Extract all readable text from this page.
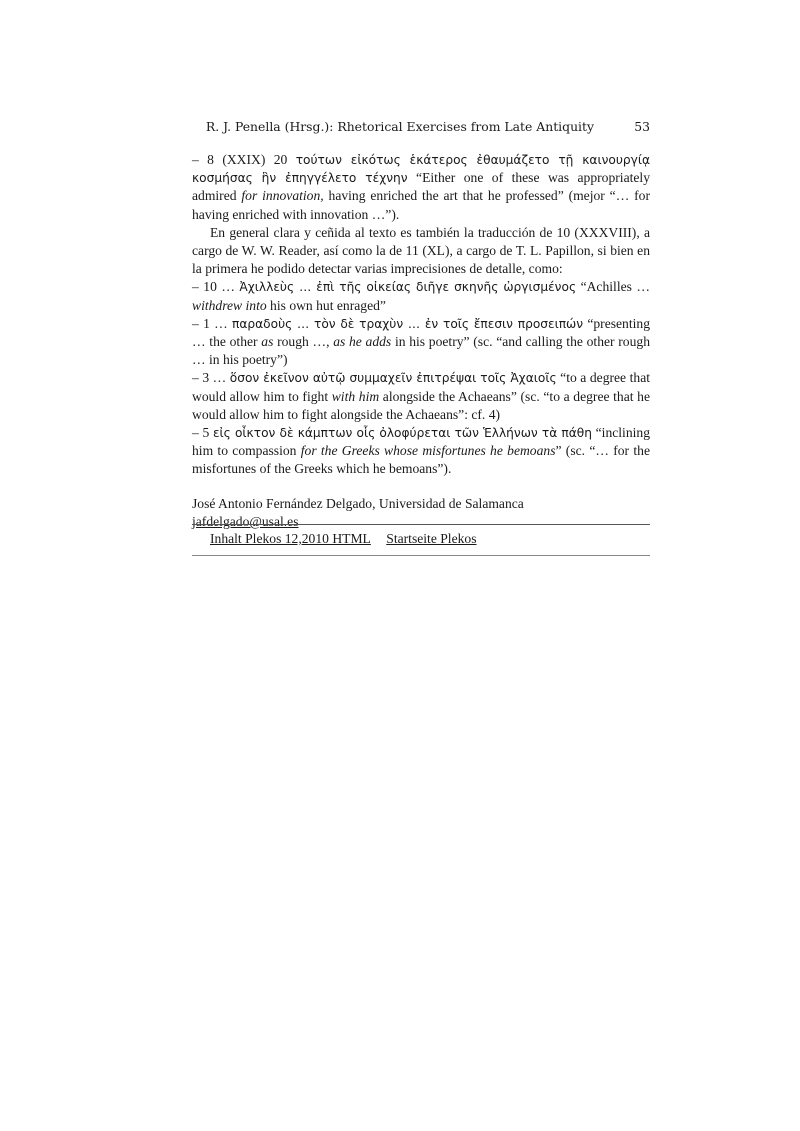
R. J. Penella (Hrsg.): Rhetorical Exercises from Late Antiquity	53

– 8 (XXIX) 20 τούτων εἰκότως ἑκάτερος ἐθαυμάζετο τῇ καινουργίᾳ κοσμήσας ἣν ἐπηγγέλετο τέχνην “Either one of these was appropriately admired for innovation, having enriched the art that he professed” (mejor “… for having enriched with innovation …”).

En general clara y ceñida al texto es también la traducción de 10 (XXXVIII), a cargo de W. W. Reader, así como la de 11 (XL), a cargo de T. L. Papillon, si bien en la primera he podido detectar varias imprecisiones de detalle, como:

– 10 … Ἀχιλλεὺς … ἐπὶ τῆς οἰκείας διῆγε σκηνῆς ὠργισμένος “Achilles … withdrew into his own hut enraged”

– 1 … παραδοὺς … τὸν δὲ τραχὺν … ἐν τοῖς ἔπεσιν προσειπών “presenting … the other as rough …, as he adds in his poetry” (sc. “and calling the other rough … in his poetry”)

– 3 … ὅσον ἐκεῖνον αὐτῷ συμμαχεῖν ἐπιτρέψαι τοῖς Ἀχαιοῖς “to a degree that would allow him to fight with him alongside the Achaeans” (sc. “to a degree that he would allow him to fight alongside the Achaeans”: cf. 4)

– 5 εἰς οἶκτον δὲ κάμπτων οἷς ὀλοφύρεται τῶν Ἑλλήνων τὰ πάθη “inclining him to compassion for the Greeks whose misfortunes he bemoans” (sc. “… for the misfortunes of the Greeks which he bemoans”).

José Antonio Fernández Delgado, Universidad de Salamanca
jafdelgado@usal.es
Inhalt Plekos 12,2010 HTML Startseite Plekos
